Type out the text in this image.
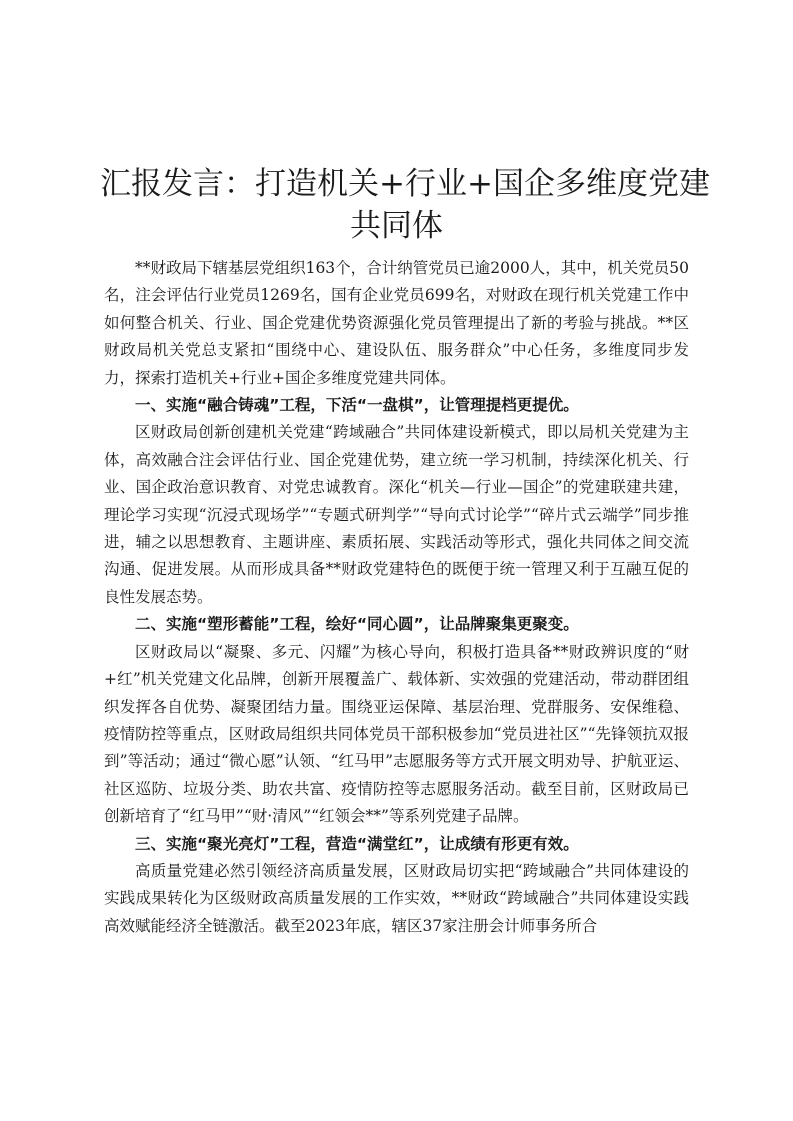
汇报发言：打造机关+行业+国企多维度党建
共同体

**财政局下辖基层党组织163个，合计纳管党员已逾2000人，其中，机关党员50名，注会评估行业党员1269名，国有企业党员699名，对财政在现行机关党建工作中如何整合机关、行业、国企党建优势资源强化党员管理提出了新的考验与挑战。**区财政局机关党总支紧扣“围绕中心、建设队伍、服务群众”中心任务，多维度同步发力，探索打造机关+行业+国企多维度党建共同体。

一、实施“融合铸魂”工程，下活“一盘棋”，让管理提档更提优。

区财政局创新创建机关党建“跨域融合”共同体建设新模式，即以局机关党建为主体，高效融合注会评估行业、国企党建优势，建立统一学习机制，持续深化机关、行业、国企政治意识教育、对党忠诚教育。深化“机关—行业—国企”的党建联建共建，理论学习实现“沉浸式现场学”“专题式研判学”“导向式讨论学”“碎片式云端学”同步推进，辅之以思想教育、主题讲座、素质拓展、实践活动等形式，强化共同体之间交流沟通、促进发展。从而形成具备**财政党建特色的既便于统一管理又利于互融互促的良性发展态势。

二、实施“塑形蓄能”工程，绘好“同心圆”，让品牌聚集更聚变。

区财政局以“凝聚、多元、闪耀”为核心导向，积极打造具备**财政辨识度的“财+红”机关党建文化品牌，创新开展覆盖广、载体新、实效强的党建活动，带动群团组织发挥各自优势、凝聚团结力量。围绕亚运保障、基层治理、党群服务、安保维稳、疫情防控等重点，区财政局组织共同体党员干部积极参加“党员进社区”“先锋领抗双报到”等活动；通过“微心愿”认领、“红马甲”志愿服务等方式开展文明劝导、护航亚运、社区巡防、垃圾分类、助农共富、疫情防控等志愿服务活动。截至目前，区财政局已创新培育了“红马甲”“财·清风”“红领会**”等系列党建子品牌。

三、实施“聚光亮灯”工程，营造“满堂红”，让成绩有形更有效。

高质量党建必然引领经济高质量发展，区财政局切实把“跨域融合”共同体建设的实践成果转化为区级财政高质量发展的工作实效，**财政“跨域融合”共同体建设实践高效赋能经济全链激活。截至2023年底，辖区37家注册会计师事务所合
